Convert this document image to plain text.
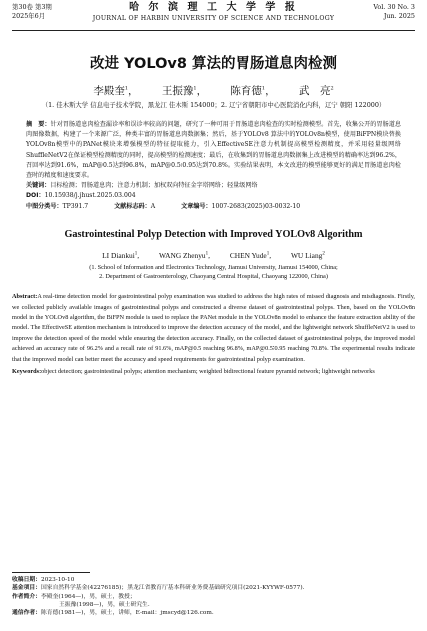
第30卷 第3期
2025年6月
哈 尔 滨 理 工 大 学 学 报
JOURNAL OF HARBIN UNIVERSITY OF SCIENCE AND TECHNOLOGY
Vol. 30 No. 3
Jun. 2025
改进 YOLOv8 算法的胃肠道息肉检测
李殿奎$^1$， 王振豫$^1$， 陈育德$^1$， 武　亮$^2$
（1. 佳木斯大学 信息电子技术学院，黑龙江 佳木斯 154000；2. 辽宁省朝阳市中心医院消化内科，辽宁 朝阳 122000）
摘　要：针对胃肠道息肉检查漏诊率和误诊率较高的问题，研究了一种可用于胃肠道息肉检查的实时检测模型。首先，收集公开的胃肠道息肉图像数据，构建了一个来源广泛，种类丰富的胃肠道息肉数据集；然后，基于YOLOv8 算法中的YOLOv8n模型，使用BiFPN模块替换YOLOv8n模型中的PANet模块来增强模型的特征提取能力，引入EffectiveSE注意力机制提高模型检测精度，并采用轻量级网络ShuffleNetV2在保证模型检测精度的同时，提高模型的检测速度；最后，在收集到的胃肠道息肉数据集上改进模型的精确率达到96.2%，召回率达到91.6%，mAP@0.5达到96.8%，mAP@0.5∶0.95达到70.8%。实验结果表明，本文改进的模型能够更好的满足胃肠道息肉检查时的精度和速度要求。
关键词：目标检测；胃肠道息肉；注意力机制；加权双向特征金字塔网络；轻量级网络
DOI：10.15938/j.jhust.2025.03.004
中图分类号：TP391.7	文献标志码：A	文章编号：1007-2683(2025)03-0032-10
Gastrointestinal Polyp Detection with Improved YOLOv8 Algorithm
LI Diankui$^1$,	WANG Zhenyu$^1$,	CHEN Yude$^1$,	WU Liang$^2$
(1. School of Information and Electronics Technology, Jiamusi University, Jiamusi 154000, China;
2. Department of Gastroenterology, Chaoyang Central Hospital, Chaoyang 122000, China)
Abstract:A real-time detection model for gastrointestinal polyp examination was studied to address the high rates of missed diagnosis and misdiagnosis. Firstly, we collected publicly available images of gastrointestinal polyps and constructed a diverse dataset of gastrointestinal polyps. Then, based on the YOLOv8n model in the YOLOv8 algorithm, the BiFPN module is used to replace the PANet module in the YOLOv8n model to enhance the feature extraction ability of the model. The EffectiveSE attention mechanism is introduced to improve the detection accuracy of the model, and the lightweight network ShuffleNetV2 is used to improve the detection speed of the model while ensuring the detection accuracy. Finally, on the collected dataset of gastrointestinal polyps, the improved model achieved an accuracy rate of 96.2% and a recall rate of 91.6%, mAP@0.5 reaching 96.8%, mAP@0.5∶0.95 reaching 70.8%. The experimental results indicate that the improved model can better meet the accuracy and speed requirements for gastrointestinal polyp examination.
Keywords:object detection; gastrointestinal polyps; attention mechanism; weighted bidirectional feature pyramid network; lightweight networks
收稿日期：2023-10-10
基金项目：国家自然科学基金(42276185)；黑龙江省教育厅基本科研业务费基础研究项目(2021-KYYWF-0577).
作者简介：李殿奎(1964—)，男，硕士，教授；
王振豫(1998—)，男，硕士研究生.
通信作者：陈育德(1981—)，男，硕士，讲师，E-mail：jmscyd@126.com.
